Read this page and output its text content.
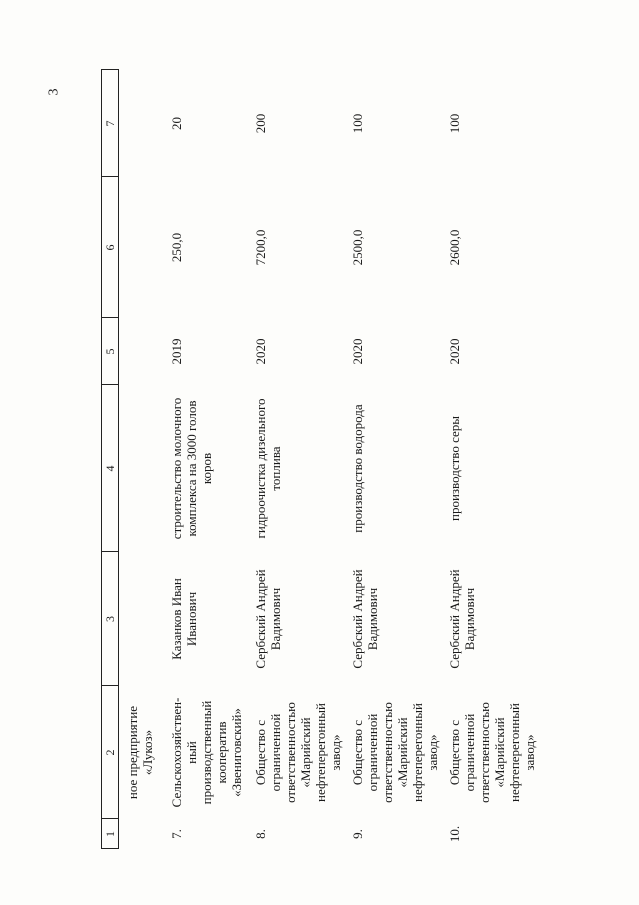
3
1
2
3
4
5
6
7
ное предприятие
«Лукоз»
7.
Сельскохозяйствен-
ный
производственный
кооператив
«Звениговский»
Казанков Иван
Иванович
строительство молочного
комплекса на 3000 голов
коров
2019
250,0
20
8.
Общество с
ограниченной
ответственностью
«Марийский
нефтеперегонный
завод»
Сербский Андрей
Вадимович
гидроочистка дизельного
топлива
2020
7200,0
200
9.
Общество с
ограниченной
ответственностью
«Марийский
нефтеперегонный
завод»
Сербский Андрей
Вадимович
производство водорода
2020
2500,0
100
10.
Общество с
ограниченной
ответственностью
«Марийский
нефтеперегонный
завод»
Сербский Андрей
Вадимович
производство серы
2020
2600,0
100
